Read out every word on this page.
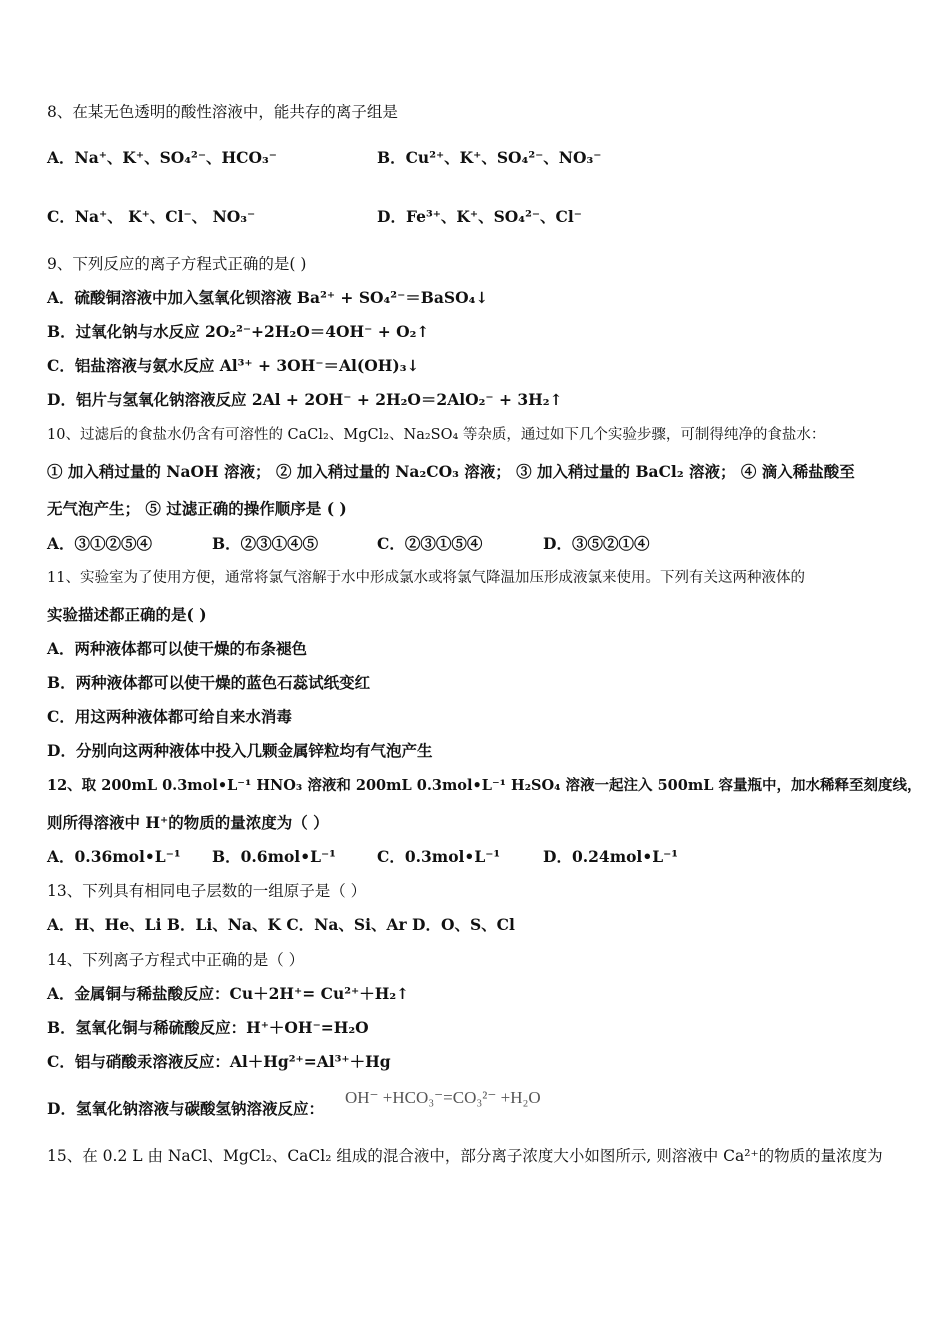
8、在某无色透明的酸性溶液中，能共存的离子组是
A．Na⁺、K⁺、SO₄²⁻、HCO₃⁻	B．Cu²⁺、K⁺、SO₄²⁻、NO₃⁻
C．Na⁺、 K⁺、Cl⁻、 NO₃⁻	D．Fe³⁺、K⁺、SO₄²⁻、Cl⁻
9、下列反应的离子方程式正确的是( )
A．硫酸铜溶液中加入氢氧化钡溶液 Ba²⁺ + SO₄²⁻＝BaSO₄↓
B．过氧化钠与水反应 2O₂²⁻+2H₂O＝4OH⁻ + O₂↑
C．铝盐溶液与氨水反应 Al³⁺ + 3OH⁻＝Al(OH)₃↓
D．铝片与氢氧化钠溶液反应 2Al + 2OH⁻ + 2H₂O＝2AlO₂⁻ + 3H₂↑
10、过滤后的食盐水仍含有可溶性的 CaCl₂、MgCl₂、Na₂SO₄ 等杂质，通过如下几个实验步骤，可制得纯净的食盐水：
① 加入稍过量的 NaOH 溶液； ② 加入稍过量的 Na₂CO₃ 溶液； ③ 加入稍过量的 BaCl₂ 溶液； ④ 滴入稀盐酸至
无气泡产生； ⑤ 过滤正确的操作顺序是 ( )
A．③①②⑤④	B．②③①④⑤	C．②③①⑤④	D．③⑤②①④
11、实验室为了使用方便，通常将氯气溶解于水中形成氯水或将氯气降温加压形成液氯来使用。下列有关这两种液体的
实验描述都正确的是( )
A．两种液体都可以使干燥的布条褪色
B．两种液体都可以使干燥的蓝色石蕊试纸变红
C．用这两种液体都可给自来水消毒
D．分别向这两种液体中投入几颗金属锌粒均有气泡产生
12、取 200mL 0.3mol•L⁻¹ HNO₃ 溶液和 200mL 0.3mol•L⁻¹ H₂SO₄ 溶液一起注入 500mL 容量瓶中，加水稀释至刻度线，
则所得溶液中 H⁺的物质的量浓度为（ ）
A．0.36mol•L⁻¹ B．0.6mol•L⁻¹	C．0.3mol•L⁻¹	D．0.24mol•L⁻¹
13、下列具有相同电子层数的一组原子是（ ）
A．H、He、Li B．Li、Na、K C．Na、Si、Ar D．O、S、Cl
14、下列离子方程式中正确的是（ ）
A．金属铜与稀盐酸反应：Cu＋2H⁺= Cu²⁺＋H₂↑
B．氢氧化铜与稀硫酸反应：H⁺＋OH⁻=H₂O
C．铝与硝酸汞溶液反应：Al＋Hg²⁺=Al³⁺＋Hg
D．氢氧化钠溶液与碳酸氢钠溶液反应：
OH⁻ +HCO₃⁻=CO₃²⁻ +H₂O
15、在 0.2 L 由 NaCl、MgCl₂、CaCl₂ 组成的混合液中，部分离子浓度大小如图所示, 则溶液中 Ca²⁺的物质的量浓度为
